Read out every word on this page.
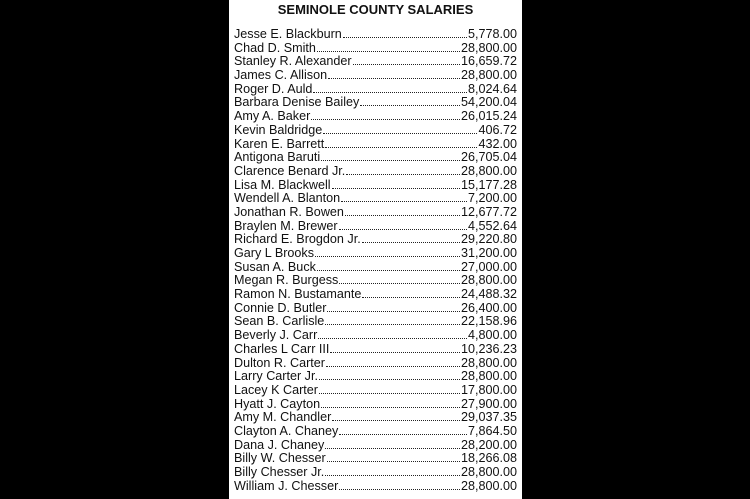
SEMINOLE COUNTY SALARIES
Jesse E. Blackburn	5,778.00
Chad D. Smith	28,800.00
Stanley R. Alexander	16,659.72
James C. Allison	28,800.00
Roger D. Auld	8,024.64
Barbara Denise Bailey	54,200.04
Amy A. Baker	26,015.24
Kevin Baldridge	406.72
Karen E. Barrett	432.00
Antigona Baruti	26,705.04
Clarence Benard Jr.	28,800.00
Lisa M. Blackwell	15,177.28
Wendell A. Blanton	7,200.00
Jonathan R. Bowen	12,677.72
Braylen M. Brewer	4,552.64
Richard E. Brogdon Jr.	29,220.80
Gary L Brooks	31,200.00
Susan A. Buck	27,000.00
Megan R. Burgess	28,800.00
Ramon N. Bustamante	24,488.32
Connie D. Butler	26,400.00
Sean B. Carlisle	22,158.96
Beverly J. Carr	4,800.00
Charles L Carr III	10,236.23
Dulton R. Carter	28,800.00
Larry Carter Jr.	28,800.00
Lacey K Carter	17,800.00
Hyatt J. Cayton	27,900.00
Amy M. Chandler	29,037.35
Clayton A. Chaney	7,864.50
Dana J. Chaney	28,200.00
Billy W. Chesser	18,266.08
Billy Chesser Jr.	28,800.00
William J. Chesser	28,800.00
